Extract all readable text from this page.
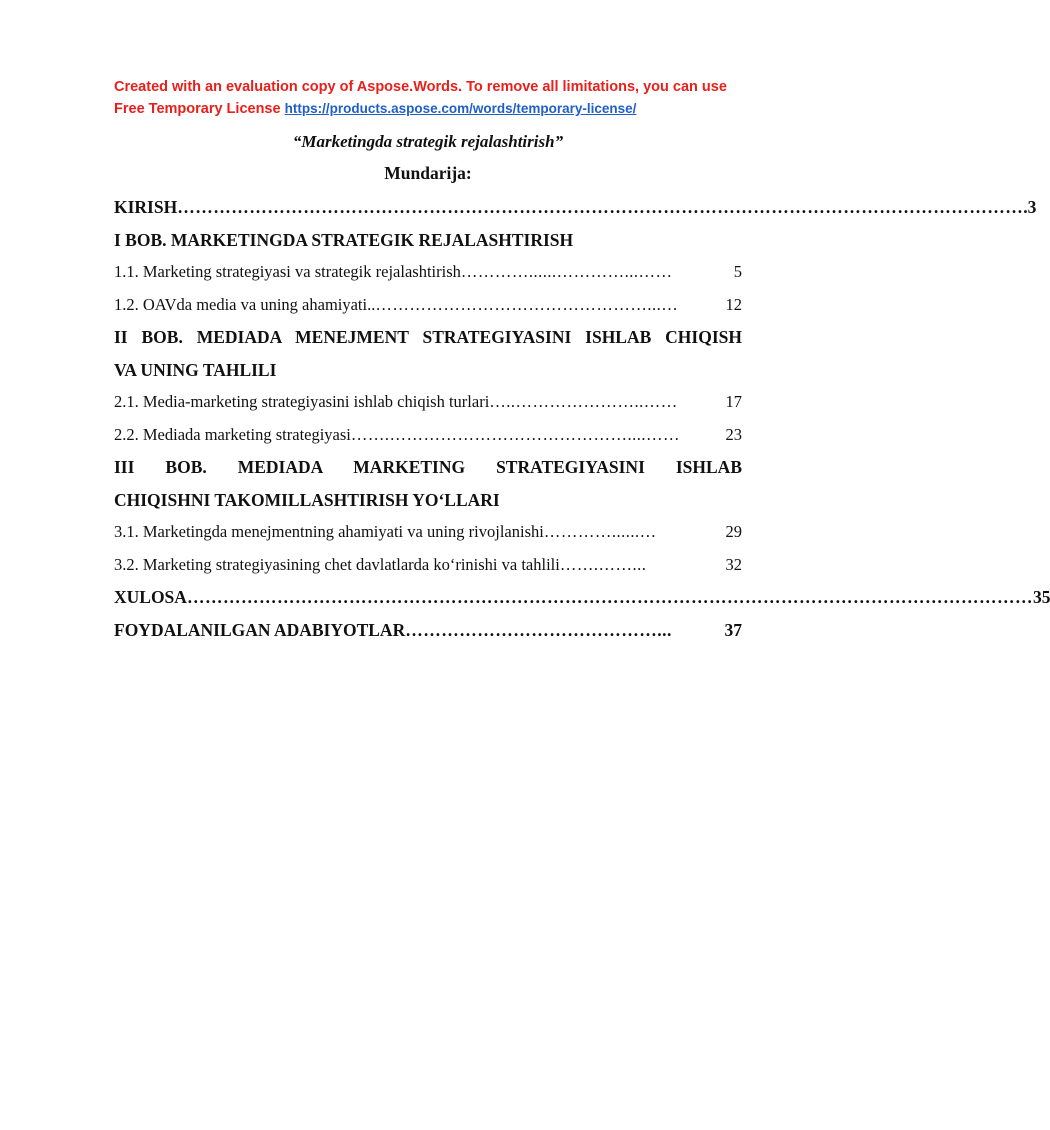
Created with an evaluation copy of Aspose.Words. To remove all limitations, you can use
Free Temporary License https://products.aspose.com/words/temporary-license/

“Marketingda strategik rejalashtirish”

Mundarija:

KIRISH …………………………………………………………………………………………………………………………… .3
I BOB. MARKETINGDA STRATEGIK REJALASHTIRISH
1.1. Marketing strategiyasi va strategik rejalashtirish …………......…………...……	5
1.2. OAVda media va uning ahamiyati.. …………………………………………...…	12
II BOB. MEDIADA MENEJMENT STRATEGIYASINI ISHLAB CHIQISH
VA UNING TAHLILI
2.1. Media-marketing strategiyasini ishlab chiqish turlari …..…………………..……	17
2.2. Mediada marketing strategiyasi …….……………………………………....……	23
III BOB. MEDIADA MARKETING STRATEGIYASINI ISHLAB
CHIQISHNI TAKOMILLASHTIRISH YO‘LLARI
3.1. Marketingda menejmentning ahamiyati va uning rivojlanishi …………......…	29
3.2. Marketing strategiyasining chet davlatlarda ko‘rinishi va tahlili …….……...	32
XULOSA …………………………………………………………………………………………………………………………… 35
FOYDALANILGAN ADABIYOTLAR ……………………………………...	37
